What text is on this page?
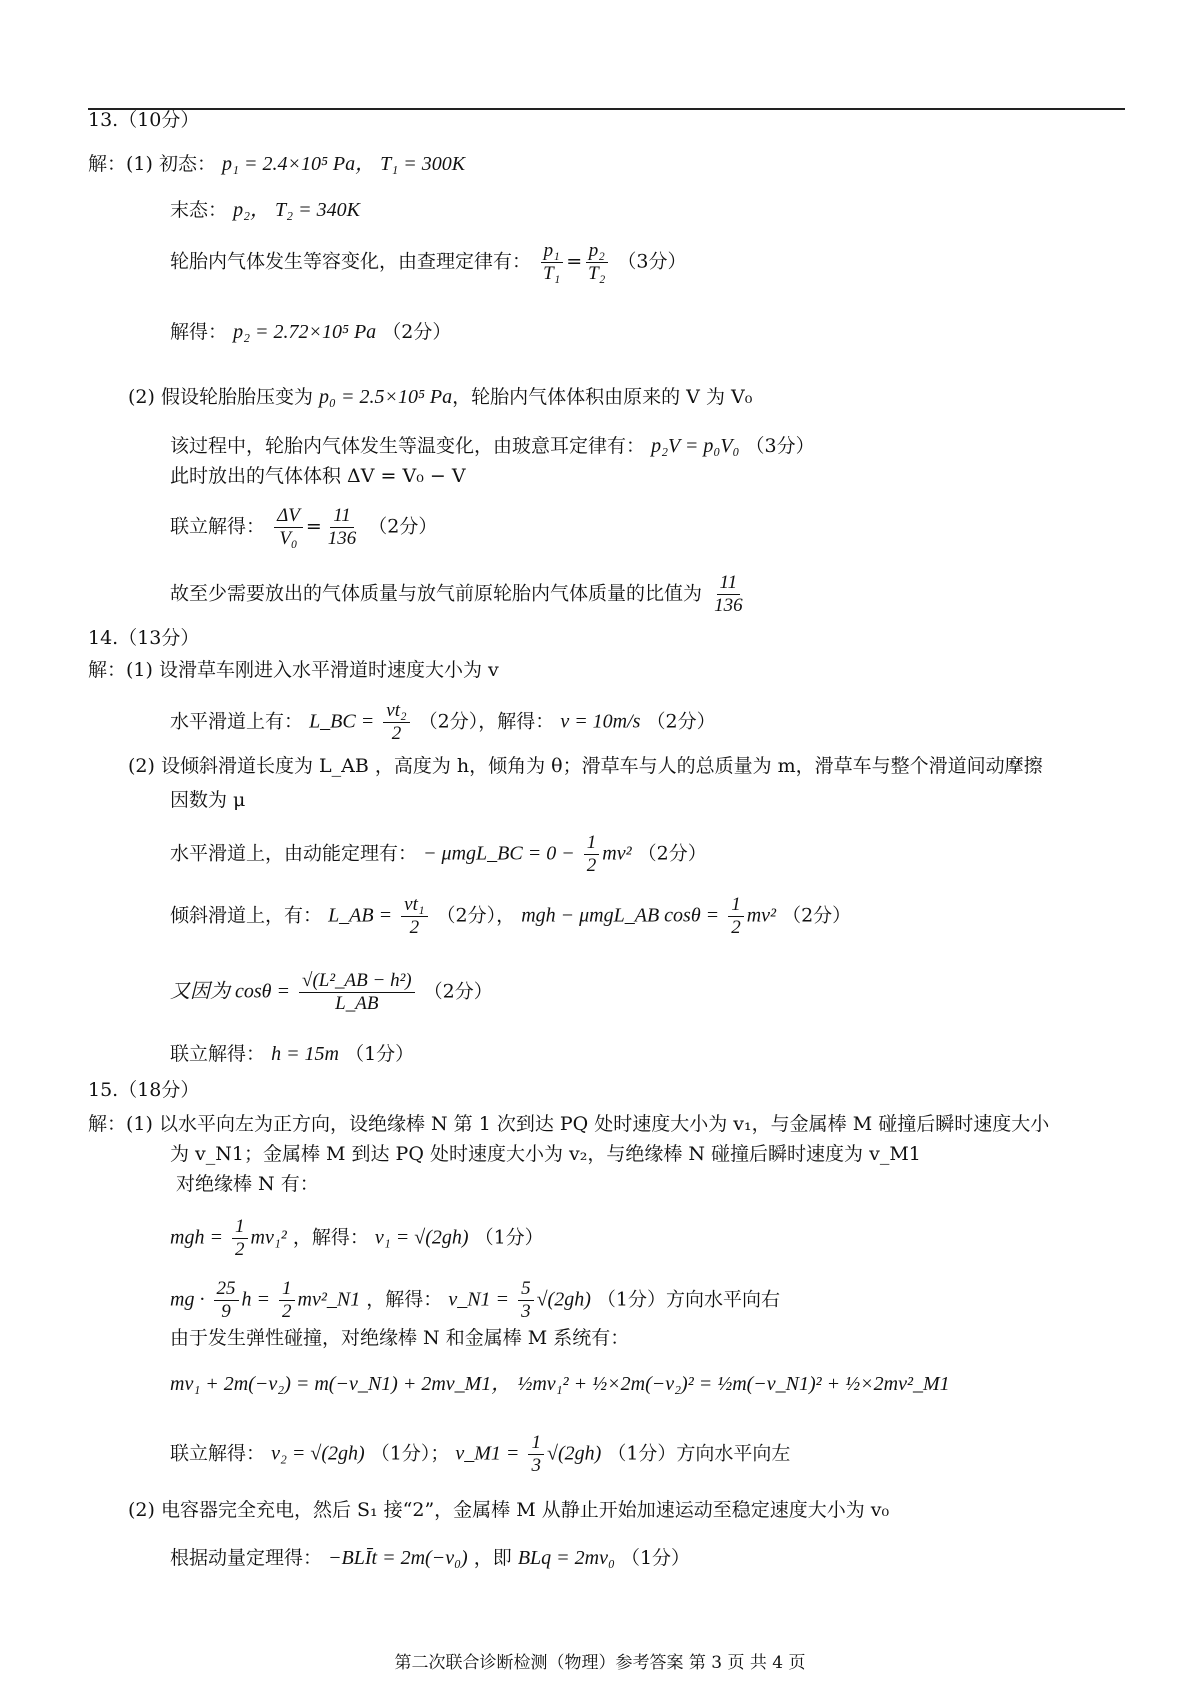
13.（10分）
解：(1) 初态： p₁ = 2.4×10⁵ Pa， T₁ = 300K
末态： p₂， T₂ = 340K
轮胎内气体发生等容变化，由查理定律有： $\frac{\text{p₁}}{\text{T₁}} = \frac{\text{p₂}}{\text{T₂}} (3$分）
解得： p₂ = 2.72×10⁵ Pa （2分）
(2) 假设轮胎胎压变为 p₀ = 2.5×10⁵ Pa，轮胎内气体体积由原来的 V 为 V₀
该过程中，轮胎内气体发生等温变化，由玻意耳定律有： p₂V = p₀V₀ （3分）
此时放出的气体体积 ΔV = V₀ − V
联立解得： $\frac{\Delta V}{\text{V₀}} = \frac{11}{136} (2$分）
故至少需要放出的气体质量与放气前原轮胎内气体质量的比值为 $\frac{11}{136}$
14.（13分）
解：(1) 设滑草车刚进入水平滑道时速度大小为 v
水平滑道上有： L_BC = $\frac{\text{vt₂}}{2} (2$分），解得： v = 10m/s （2分）
(2) 设倾斜滑道长度为 L_AB ，高度为 h，倾角为 θ；滑草车与人的总质量为 m，滑草车与整个滑道间动摩擦
因数为 μ
水平滑道上，由动能定理有： − μmgL_BC = $0 - \frac{1}{2} mv^2$ （2分）
倾斜滑道上，有： L_AB = $\frac{\text{vt₁}}{2} (2$分）， mgh − μmgL_AB $\cos\theta = \frac{1}{2} mv^2$ （2分）
又因为 $\cos\theta = \frac{\text{√(L²\_AB − h²)}}{L\_AB} (2$分）
联立解得： h = 15m （1分）
15.（18分）
解：(1) 以水平向左为正方向，设绝缘棒 N 第 1 次到达 PQ 处时速度大小为 v₁，与金属棒 M 碰撞后瞬时速度大小
为 v_N1；金属棒 M 到达 PQ 处时速度大小为 v₂，与绝缘棒 N 碰撞后瞬时速度为 v_M1
对绝缘棒 N 有：
mgh = $\frac{1}{2} mv_1^2$ ，解得： v₁ = √(2gh) （1分）
mg · $\frac{25}{9}$ $h = \frac{1}{2}$ mv²_N1 ，解得： v_N1 = $\frac{5}{3} √(2gh)$ （1分）方向水平向右
由于发生弹性碰撞，对绝缘棒 N 和金属棒 M 系统有：
mv₁ + 2m(−v₂) = m(−v_N1) + 2mv_M1， ½mv₁² + ½×2m(−v₂)² = ½m(−v_N1)² + ½×2mv²_M1
联立解得： v₂ = √(2gh) （1分）； v_M1 = $\frac{1}{3} √(2gh)$ （1分）方向水平向左
(2) 电容器完全充电，然后 S₁ 接“2”，金属棒 M 从静止开始加速运动至稳定速度大小为 v₀
根据动量定理得： −BLĪt = 2m(−v₀) ，即 BLq = 2mv₀ （1分）
第二次联合诊断检测（物理）参考答案 第 3 页 共 4 页
